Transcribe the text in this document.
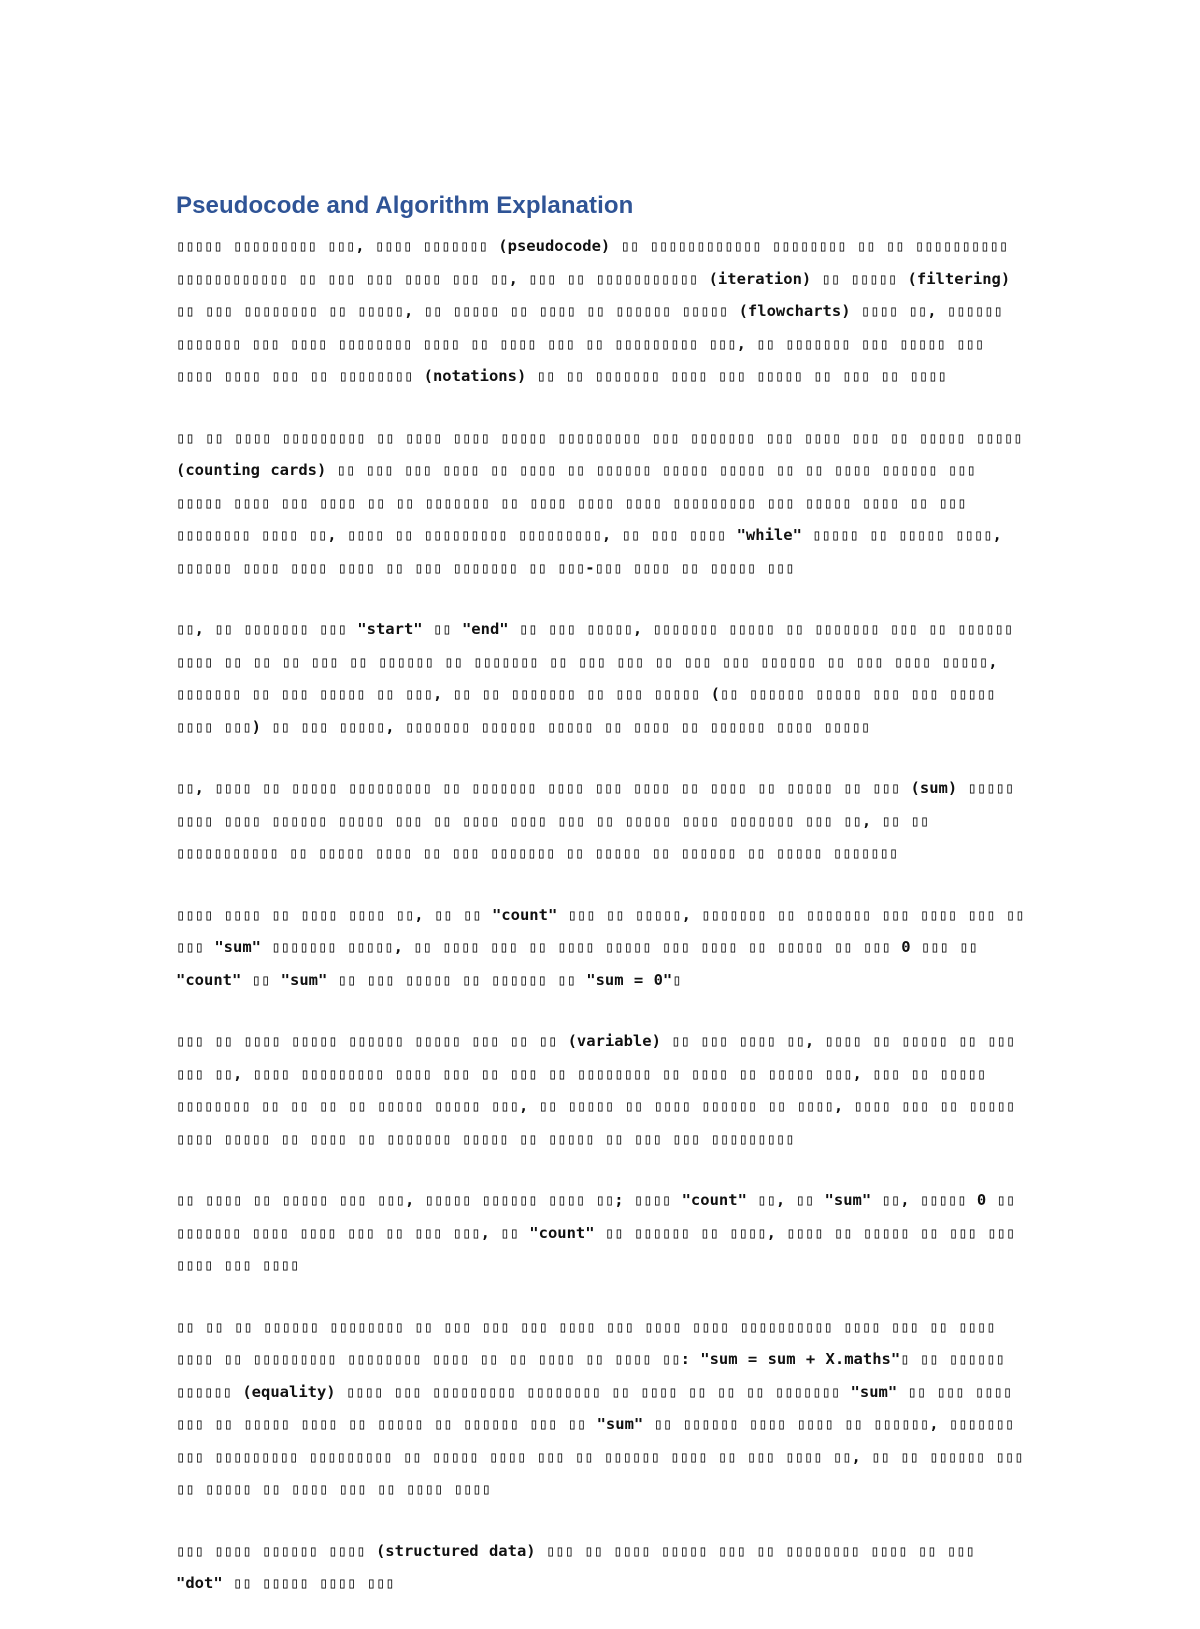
Pseudocode and Algorithm Explanation

▯▯▯▯▯ ▯▯▯▯▯▯▯▯▯ ▯▯▯, ▯▯▯▯ ▯▯▯▯▯▯▯ (pseudocode) ▯▯ ▯▯▯▯▯▯▯▯▯▯▯▯ ▯▯▯▯▯▯▯▯ ▯▯ ▯▯ ▯▯▯▯▯▯▯▯▯▯ ▯▯▯▯▯▯▯▯▯▯▯▯ ▯▯ ▯▯▯ ▯▯▯ ▯▯▯▯ ▯▯▯ ▯▯, ▯▯▯ ▯▯ ▯▯▯▯▯▯▯▯▯▯▯ (iteration) ▯▯ ▯▯▯▯▯ (filtering) ▯▯ ▯▯▯ ▯▯▯▯▯▯▯▯ ▯▯ ▯▯▯▯▯, ▯▯ ▯▯▯▯▯ ▯▯ ▯▯▯▯ ▯▯ ▯▯▯▯▯▯ ▯▯▯▯▯ (flowcharts) ▯▯▯▯ ▯▯, ▯▯▯▯▯▯ ▯▯▯▯▯▯▯ ▯▯▯ ▯▯▯▯ ▯▯▯▯▯▯▯▯ ▯▯▯▯ ▯▯ ▯▯▯▯ ▯▯▯ ▯▯ ▯▯▯▯▯▯▯▯▯ ▯▯▯, ▯▯ ▯▯▯▯▯▯▯ ▯▯▯ ▯▯▯▯▯ ▯▯▯ ▯▯▯▯ ▯▯▯▯ ▯▯▯ ▯▯ ▯▯▯▯▯▯▯▯ (notations) ▯▯ ▯▯ ▯▯▯▯▯▯▯ ▯▯▯▯ ▯▯▯ ▯▯▯▯▯ ▯▯ ▯▯▯ ▯▯ ▯▯▯▯

▯▯ ▯▯ ▯▯▯▯ ▯▯▯▯▯▯▯▯▯ ▯▯ ▯▯▯▯ ▯▯▯▯ ▯▯▯▯▯ ▯▯▯▯▯▯▯▯▯ ▯▯▯ ▯▯▯▯▯▯▯ ▯▯▯ ▯▯▯▯ ▯▯▯ ▯▯ ▯▯▯▯▯ ▯▯▯▯▯ (counting cards) ▯▯ ▯▯▯ ▯▯▯ ▯▯▯▯ ▯▯ ▯▯▯▯ ▯▯ ▯▯▯▯▯▯ ▯▯▯▯▯ ▯▯▯▯▯ ▯▯ ▯▯ ▯▯▯▯ ▯▯▯▯▯▯ ▯▯▯ ▯▯▯▯▯ ▯▯▯▯ ▯▯▯ ▯▯▯▯ ▯▯ ▯▯ ▯▯▯▯▯▯▯ ▯▯ ▯▯▯▯ ▯▯▯▯ ▯▯▯▯ ▯▯▯▯▯▯▯▯▯ ▯▯▯ ▯▯▯▯▯ ▯▯▯▯ ▯▯ ▯▯▯ ▯▯▯▯▯▯▯▯ ▯▯▯▯ ▯▯, ▯▯▯▯ ▯▯ ▯▯▯▯▯▯▯▯▯ ▯▯▯▯▯▯▯▯▯, ▯▯ ▯▯▯ ▯▯▯▯ "while" ▯▯▯▯▯ ▯▯ ▯▯▯▯▯ ▯▯▯▯, ▯▯▯▯▯▯ ▯▯▯▯ ▯▯▯▯ ▯▯▯▯ ▯▯ ▯▯▯ ▯▯▯▯▯▯▯ ▯▯ ▯▯▯-▯▯▯ ▯▯▯▯ ▯▯ ▯▯▯▯▯ ▯▯▯

▯▯, ▯▯ ▯▯▯▯▯▯▯ ▯▯▯ "start" ▯▯ "end" ▯▯ ▯▯▯ ▯▯▯▯▯, ▯▯▯▯▯▯▯ ▯▯▯▯▯ ▯▯ ▯▯▯▯▯▯▯ ▯▯▯ ▯▯ ▯▯▯▯▯▯ ▯▯▯▯ ▯▯ ▯▯ ▯▯ ▯▯▯ ▯▯ ▯▯▯▯▯▯ ▯▯ ▯▯▯▯▯▯▯ ▯▯ ▯▯▯ ▯▯▯ ▯▯ ▯▯▯ ▯▯▯ ▯▯▯▯▯▯ ▯▯ ▯▯▯ ▯▯▯▯ ▯▯▯▯▯, ▯▯▯▯▯▯▯ ▯▯ ▯▯▯ ▯▯▯▯▯ ▯▯ ▯▯▯, ▯▯ ▯▯ ▯▯▯▯▯▯▯ ▯▯ ▯▯▯ ▯▯▯▯▯ (▯▯ ▯▯▯▯▯▯ ▯▯▯▯▯ ▯▯▯ ▯▯▯ ▯▯▯▯▯ ▯▯▯▯ ▯▯▯) ▯▯ ▯▯▯ ▯▯▯▯▯, ▯▯▯▯▯▯▯ ▯▯▯▯▯▯ ▯▯▯▯▯ ▯▯ ▯▯▯▯ ▯▯ ▯▯▯▯▯▯ ▯▯▯▯ ▯▯▯▯▯

▯▯, ▯▯▯▯ ▯▯ ▯▯▯▯▯ ▯▯▯▯▯▯▯▯▯ ▯▯ ▯▯▯▯▯▯▯ ▯▯▯▯ ▯▯▯ ▯▯▯▯ ▯▯ ▯▯▯▯ ▯▯ ▯▯▯▯▯ ▯▯ ▯▯▯ (sum) ▯▯▯▯▯ ▯▯▯▯ ▯▯▯▯ ▯▯▯▯▯▯ ▯▯▯▯▯ ▯▯▯ ▯▯ ▯▯▯▯ ▯▯▯▯ ▯▯▯ ▯▯ ▯▯▯▯▯ ▯▯▯▯ ▯▯▯▯▯▯▯ ▯▯▯ ▯▯, ▯▯ ▯▯ ▯▯▯▯▯▯▯▯▯▯▯ ▯▯ ▯▯▯▯▯ ▯▯▯▯ ▯▯ ▯▯▯ ▯▯▯▯▯▯▯ ▯▯ ▯▯▯▯▯ ▯▯ ▯▯▯▯▯▯ ▯▯ ▯▯▯▯▯ ▯▯▯▯▯▯▯

▯▯▯▯ ▯▯▯▯ ▯▯ ▯▯▯▯ ▯▯▯▯ ▯▯, ▯▯ ▯▯ "count" ▯▯▯ ▯▯ ▯▯▯▯▯, ▯▯▯▯▯▯▯ ▯▯ ▯▯▯▯▯▯▯ ▯▯▯ ▯▯▯▯ ▯▯▯ ▯▯ ▯▯▯ "sum" ▯▯▯▯▯▯▯ ▯▯▯▯▯, ▯▯ ▯▯▯▯ ▯▯▯ ▯▯ ▯▯▯▯ ▯▯▯▯▯ ▯▯▯ ▯▯▯▯ ▯▯ ▯▯▯▯▯ ▯▯ ▯▯▯ 0 ▯▯▯ ▯▯ "count" ▯▯ "sum" ▯▯ ▯▯▯ ▯▯▯▯▯ ▯▯ ▯▯▯▯▯▯ ▯▯ "sum = 0"▯

▯▯▯ ▯▯ ▯▯▯▯ ▯▯▯▯▯ ▯▯▯▯▯▯ ▯▯▯▯▯ ▯▯▯ ▯▯ ▯▯ (variable) ▯▯ ▯▯▯ ▯▯▯▯ ▯▯, ▯▯▯▯ ▯▯ ▯▯▯▯▯ ▯▯ ▯▯▯ ▯▯▯ ▯▯, ▯▯▯▯ ▯▯▯▯▯▯▯▯▯ ▯▯▯▯ ▯▯▯ ▯▯ ▯▯▯ ▯▯ ▯▯▯▯▯▯▯▯ ▯▯ ▯▯▯▯ ▯▯ ▯▯▯▯▯ ▯▯▯, ▯▯▯ ▯▯ ▯▯▯▯▯ ▯▯▯▯▯▯▯▯ ▯▯ ▯▯ ▯▯ ▯▯ ▯▯▯▯▯ ▯▯▯▯▯ ▯▯▯, ▯▯ ▯▯▯▯▯ ▯▯ ▯▯▯▯ ▯▯▯▯▯▯ ▯▯ ▯▯▯▯, ▯▯▯▯ ▯▯▯ ▯▯ ▯▯▯▯▯ ▯▯▯▯ ▯▯▯▯▯ ▯▯ ▯▯▯▯ ▯▯ ▯▯▯▯▯▯▯ ▯▯▯▯▯ ▯▯ ▯▯▯▯▯ ▯▯ ▯▯▯ ▯▯▯ ▯▯▯▯▯▯▯▯▯

▯▯ ▯▯▯▯ ▯▯ ▯▯▯▯▯ ▯▯▯ ▯▯▯, ▯▯▯▯▯ ▯▯▯▯▯▯ ▯▯▯▯ ▯▯; ▯▯▯▯ "count" ▯▯, ▯▯ "sum" ▯▯, ▯▯▯▯▯ 0 ▯▯ ▯▯▯▯▯▯▯ ▯▯▯▯ ▯▯▯▯ ▯▯▯ ▯▯ ▯▯▯ ▯▯▯, ▯▯ "count" ▯▯ ▯▯▯▯▯▯ ▯▯ ▯▯▯▯, ▯▯▯▯ ▯▯ ▯▯▯▯▯ ▯▯ ▯▯▯ ▯▯▯ ▯▯▯▯ ▯▯▯ ▯▯▯▯

▯▯ ▯▯ ▯▯ ▯▯▯▯▯▯ ▯▯▯▯▯▯▯▯ ▯▯ ▯▯▯ ▯▯▯ ▯▯▯ ▯▯▯▯ ▯▯▯ ▯▯▯▯ ▯▯▯▯ ▯▯▯▯▯▯▯▯▯▯ ▯▯▯▯ ▯▯▯ ▯▯ ▯▯▯▯ ▯▯▯▯ ▯▯ ▯▯▯▯▯▯▯▯▯ ▯▯▯▯▯▯▯▯ ▯▯▯▯ ▯▯ ▯▯ ▯▯▯▯ ▯▯ ▯▯▯▯ ▯▯: "sum = sum + X.maths"▯ ▯▯ ▯▯▯▯▯▯ ▯▯▯▯▯▯ (equality) ▯▯▯▯ ▯▯▯ ▯▯▯▯▯▯▯▯▯ ▯▯▯▯▯▯▯▯ ▯▯ ▯▯▯▯ ▯▯ ▯▯ ▯▯ ▯▯▯▯▯▯▯ "sum" ▯▯ ▯▯▯ ▯▯▯▯ ▯▯▯ ▯▯ ▯▯▯▯▯ ▯▯▯▯ ▯▯ ▯▯▯▯▯ ▯▯ ▯▯▯▯▯▯ ▯▯▯ ▯▯ "sum" ▯▯ ▯▯▯▯▯▯ ▯▯▯▯ ▯▯▯▯ ▯▯ ▯▯▯▯▯▯, ▯▯▯▯▯▯▯ ▯▯▯ ▯▯▯▯▯▯▯▯▯ ▯▯▯▯▯▯▯▯▯ ▯▯ ▯▯▯▯▯ ▯▯▯▯ ▯▯▯ ▯▯ ▯▯▯▯▯▯ ▯▯▯▯ ▯▯ ▯▯▯ ▯▯▯▯ ▯▯, ▯▯ ▯▯ ▯▯▯▯▯▯ ▯▯▯ ▯▯ ▯▯▯▯▯ ▯▯ ▯▯▯▯ ▯▯▯ ▯▯ ▯▯▯▯ ▯▯▯▯

▯▯▯ ▯▯▯▯ ▯▯▯▯▯▯ ▯▯▯▯ (structured data) ▯▯▯ ▯▯ ▯▯▯▯ ▯▯▯▯▯ ▯▯▯ ▯▯ ▯▯▯▯▯▯▯▯ ▯▯▯▯ ▯▯ ▯▯▯ "dot" ▯▯ ▯▯▯▯▯ ▯▯▯▯ ▯▯▯
